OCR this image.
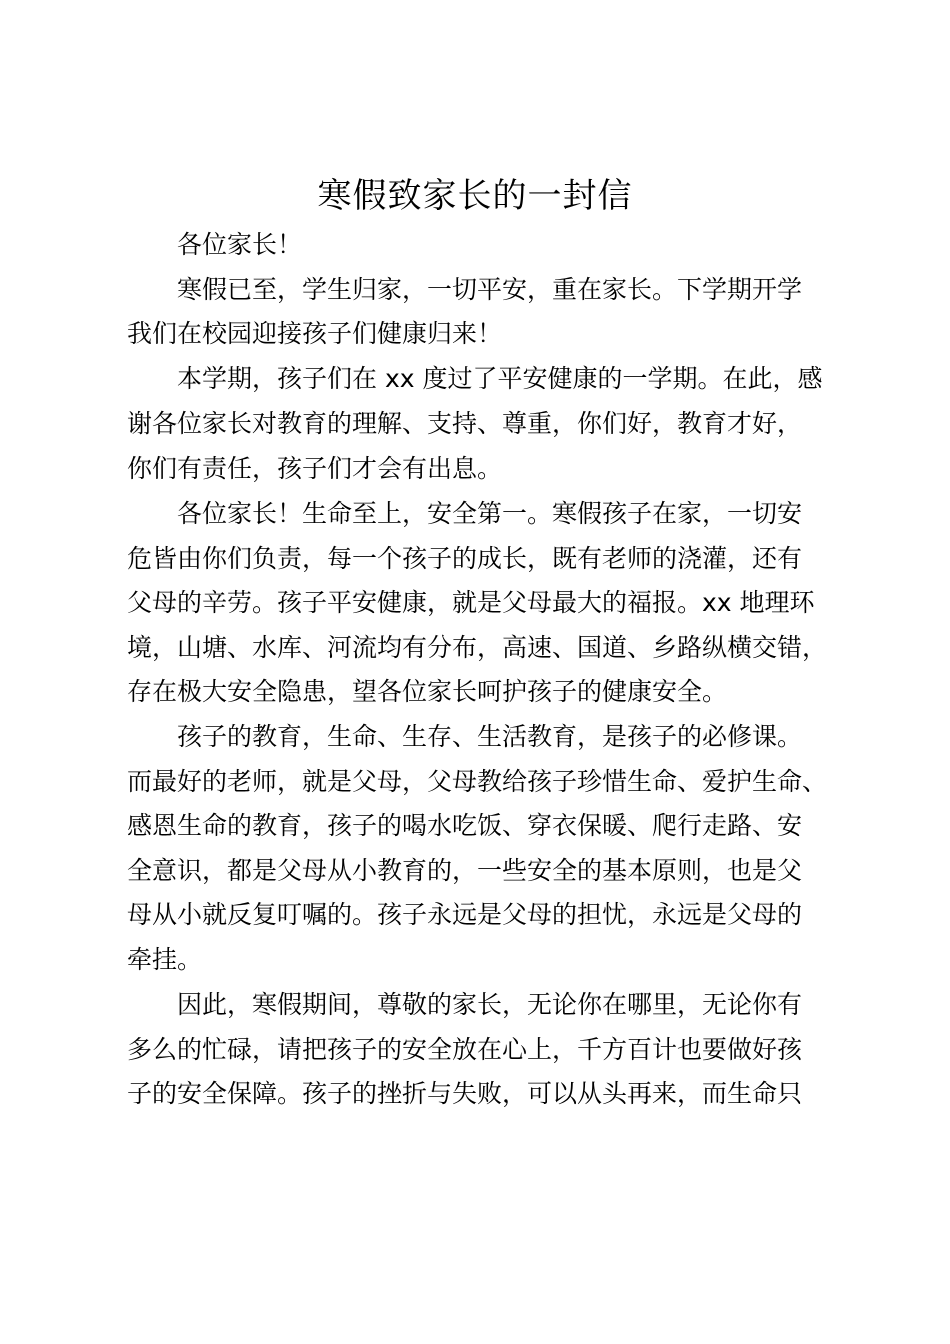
寒假致家长的一封信

各位家长！

寒假已至，学生归家，一切平安，重在家长。下学期开学

我们在校园迎接孩子们健康归来！

本学期，孩子们在 xx 度过了平安健康的一学期。在此，感

谢各位家长对教育的理解、支持、尊重，你们好，教育才好，

你们有责任，孩子们才会有出息。

各位家长！生命至上，安全第一。寒假孩子在家，一切安

危皆由你们负责，每一个孩子的成长，既有老师的浇灌，还有

父母的辛劳。孩子平安健康，就是父母最大的福报。xx 地理环

境，山塘、水库、河流均有分布，高速、国道、乡路纵横交错，

存在极大安全隐患，望各位家长呵护孩子的健康安全。

孩子的教育，生命、生存、生活教育，是孩子的必修课。

而最好的老师，就是父母，父母教给孩子珍惜生命、爱护生命、

感恩生命的教育，孩子的喝水吃饭、穿衣保暖、爬行走路、安

全意识，都是父母从小教育的，一些安全的基本原则，也是父

母从小就反复叮嘱的。孩子永远是父母的担忧，永远是父母的

牵挂。

因此，寒假期间，尊敬的家长，无论你在哪里，无论你有

多么的忙碌，请把孩子的安全放在心上，千方百计也要做好孩

子的安全保障。孩子的挫折与失败，可以从头再来，而生命只
